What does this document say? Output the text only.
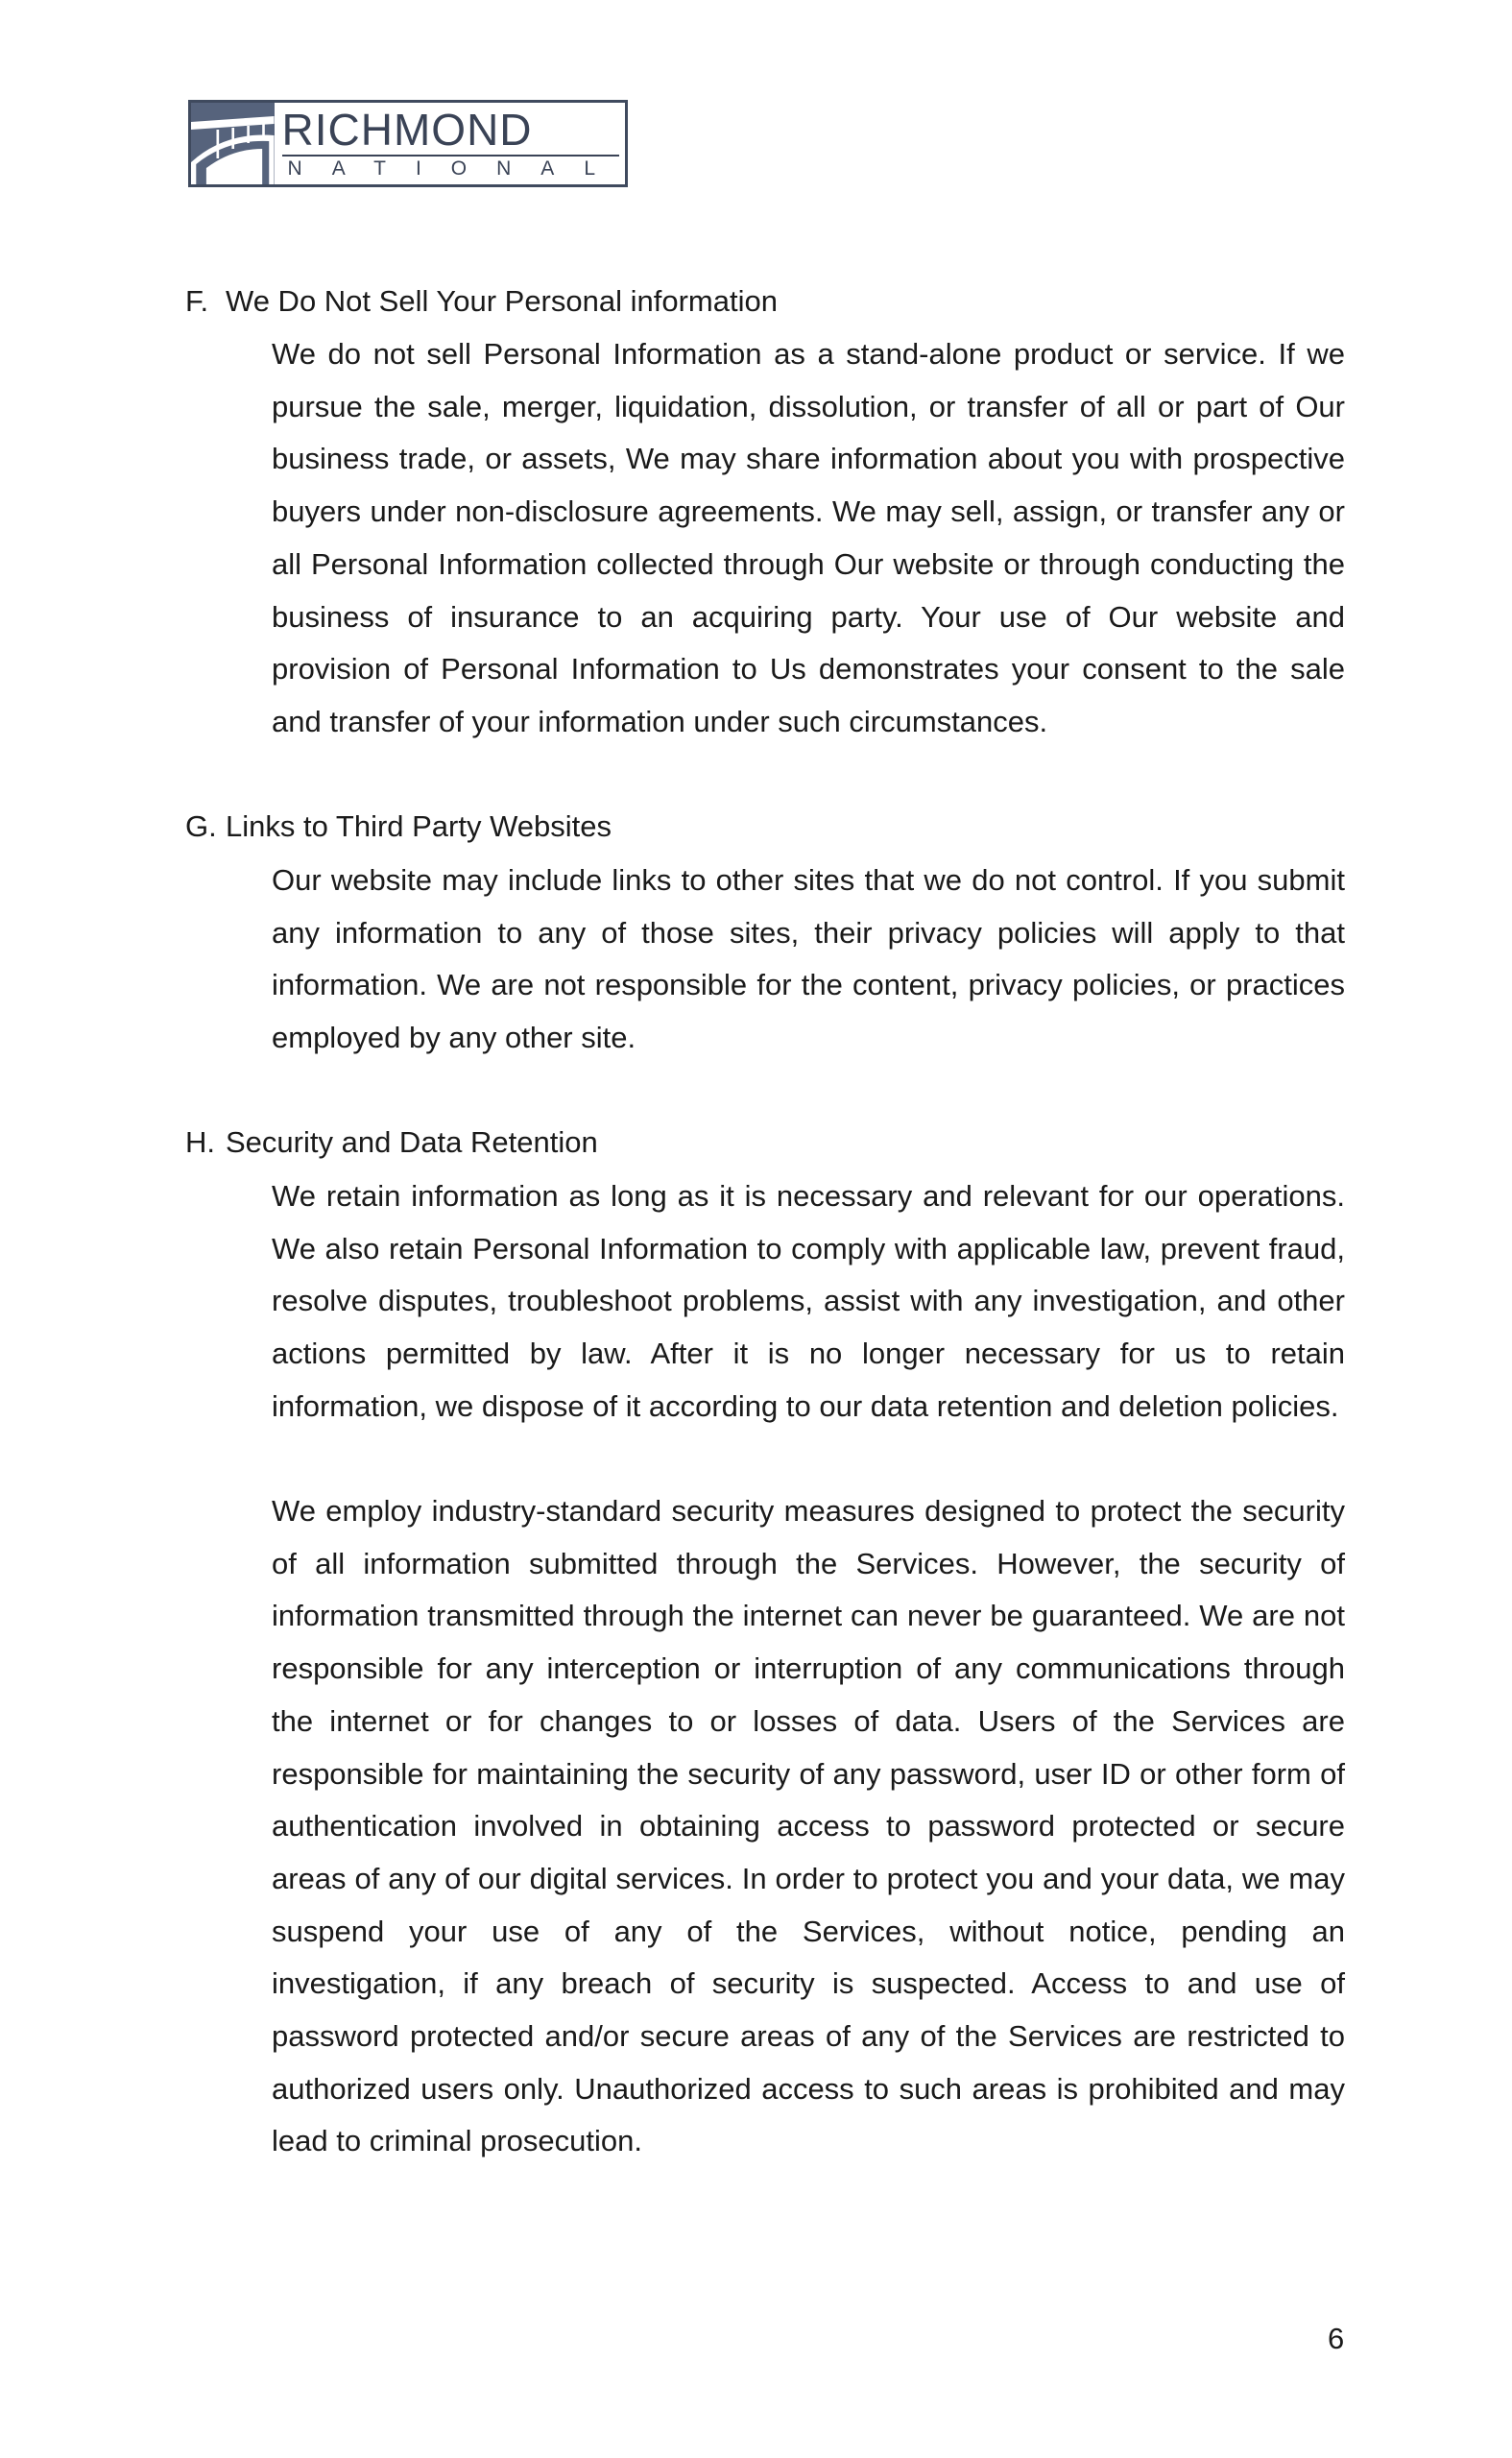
RICHMOND
NATIONAL
F. We Do Not Sell Your Personal information

We do not sell Personal Information as a stand-alone product or service. If we pursue the sale, merger, liquidation, dissolution, or transfer of all or part of Our business trade, or assets, We may share information about you with prospective buyers under non-disclosure agreements. We may sell, assign, or transfer any or all Personal Information collected through Our website or through conducting the business of insurance to an acquiring party. Your use of Our website and provision of Personal Information to Us demonstrates your consent to the sale and transfer of your information under such circumstances.

G. Links to Third Party Websites

Our website may include links to other sites that we do not control. If you submit any information to any of those sites, their privacy policies will apply to that information. We are not responsible for the content, privacy policies, or practices employed by any other site.

H. Security and Data Retention

We retain information as long as it is necessary and relevant for our operations. We also retain Personal Information to comply with applicable law, prevent fraud, resolve disputes, troubleshoot problems, assist with any investigation, and other actions permitted by law. After it is no longer necessary for us to retain information, we dispose of it according to our data retention and deletion policies.

We employ industry-standard security measures designed to protect the security of all information submitted through the Services. However, the security of information transmitted through the internet can never be guaranteed. We are not responsible for any interception or interruption of any communications through the internet or for changes to or losses of data. Users of the Services are responsible for maintaining the security of any password, user ID or other form of authentication involved in obtaining access to password protected or secure areas of any of our digital services. In order to protect you and your data, we may suspend your use of any of the Services, without notice, pending an investigation, if any breach of security is suspected. Access to and use of password protected and/or secure areas of any of the Services are restricted to authorized users only. Unauthorized access to such areas is prohibited and may lead to criminal prosecution.

6
